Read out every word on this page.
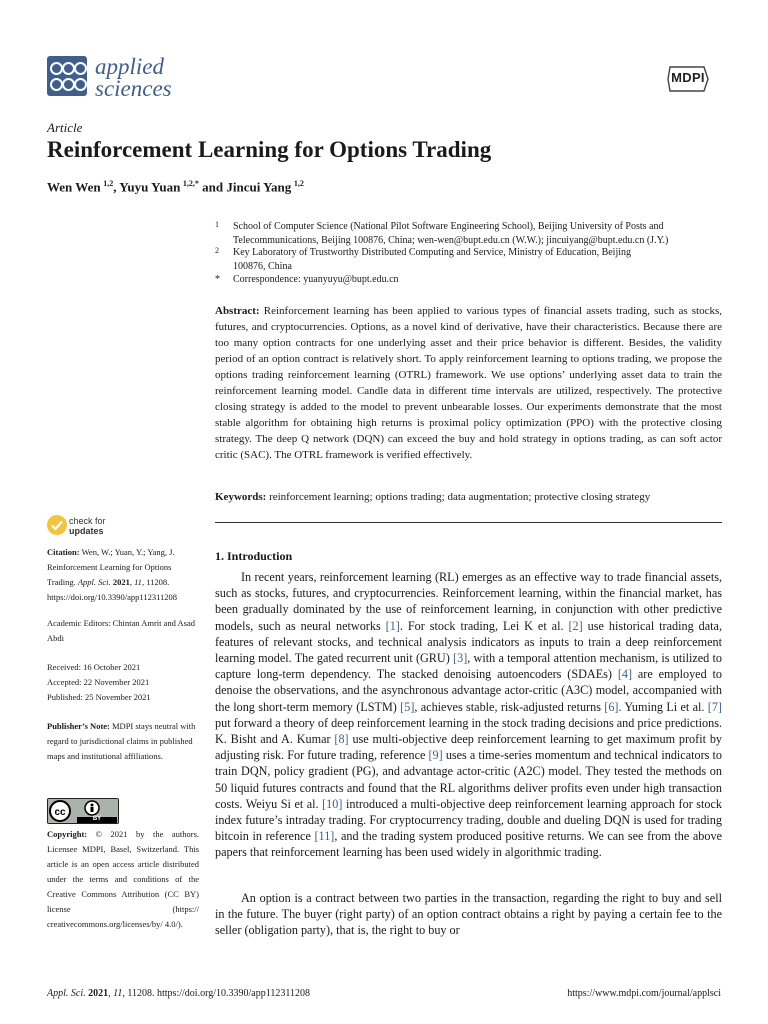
applied
sciences	MDPI
Article
Reinforcement Learning for Options Trading
Wen Wen  $^{1,2}$, Yuyu Yuan  $^{1,2,*}$ and Jincui Yang  $^{1,2}$
1 School of Computer Science (National Pilot Software Engineering School), Beijing University of Posts and Telecommunications, Beijing 100876, China; wen-wen@bupt.edu.cn (W.W.); jincuiyang@bupt.edu.cn (J.Y.)
2 Key Laboratory of Trustworthy Distributed Computing and Service, Ministry of Education, Beijing 100876, China
* Correspondence: yuanyuyu@bupt.edu.cn
Abstract: Reinforcement learning has been applied to various types of financial assets trading, such as stocks, futures, and cryptocurrencies. Options, as a novel kind of derivative, have their characteristics. Because there are too many option contracts for one underlying asset and their price behavior is different. Besides, the validity period of an option contract is relatively short. To apply reinforcement learning to options trading, we propose the options trading reinforcement learning (OTRL) framework. We use options’ underlying asset data to train the reinforcement learning model. Candle data in different time intervals are utilized, respectively. The protective closing strategy is added to the model to prevent unbearable losses. Our experiments demonstrate that the most stable algorithm for obtaining high returns is proximal policy optimization (PPO) with the protective closing strategy. The deep Q network (DQN) can exceed the buy and hold strategy in options trading, as can soft actor critic (SAC). The OTRL framework is verified effectively.
Keywords: reinforcement learning; options trading; data augmentation; protective closing strategy
check for
updates
Citation: Wen, W.; Yuan, Y.; Yang, J. Reinforcement Learning for Options Trading. Appl. Sci. 2021, 11, 11208. https://doi.org/10.3390/app112311208
Academic Editors: Chintan Amrit and Asad Abdi
Received: 16 October 2021
Accepted: 22 November 2021
Published: 25 November 2021
Publisher’s Note: MDPI stays neutral with regard to jurisdictional claims in published maps and institutional affiliations.
cc
BY
Copyright: © 2021 by the authors. Licensee MDPI, Basel, Switzerland. This article is an open access article distributed under the terms and conditions of the Creative Commons Attribution (CC BY) license (https:// creativecommons.org/licenses/by/ 4.0/).
1. Introduction
In recent years, reinforcement learning (RL) emerges as an effective way to trade financial assets, such as stocks, futures, and cryptocurrencies. Reinforcement learning, within the financial market, has been gradually dominated by the use of reinforcement learning, in conjunction with other predictive models, such as neural networks [1]. For stock trading, Lei K et al. [2] use historical trading data, features of relevant stocks, and technical analysis indicators as inputs to train a deep reinforcement learning model. The gated recurrent unit (GRU) [3], with a temporal attention mechanism, is utilized to capture long-term dependency. The stacked denoising autoencoders (SDAEs) [4] are employed to denoise the observations, and the asynchronous advantage actor-critic (A3C) model, accompanied with the long short-term memory (LSTM) [5], achieves stable, risk-adjusted returns [6]. Yuming Li et al. [7] put forward a theory of deep reinforcement learning in the stock trading decisions and price predictions. K. Bisht and A. Kumar [8] use multi-objective deep reinforcement learning to get maximum profit by adjusting risk. For future trading, reference [9] uses a time-series momentum and technical indicators to train DQN, policy gradient (PG), and advantage actor-critic (A2C) model. They tested the methods on 50 liquid futures contracts and found that the RL algorithms deliver profits even under high transaction costs. Weiyu Si et al. [10] introduced a multi-objective deep reinforcement learning approach for stock index future’s intraday trading. For cryptocurrency trading, double and dueling DQN is used for trading bitcoin in reference [11], and the trading system produced positive returns. We can see from the above papers that reinforcement learning has been used widely in algorithmic trading.
An option is a contract between two parties in the transaction, regarding the right to buy and sell in the future. The buyer (right party) of an option contract obtains a right by paying a certain fee to the seller (obligation party), that is, the right to buy or
Appl. Sci. 2021, 11, 11208. https://doi.org/10.3390/app112311208	https://www.mdpi.com/journal/applsci
